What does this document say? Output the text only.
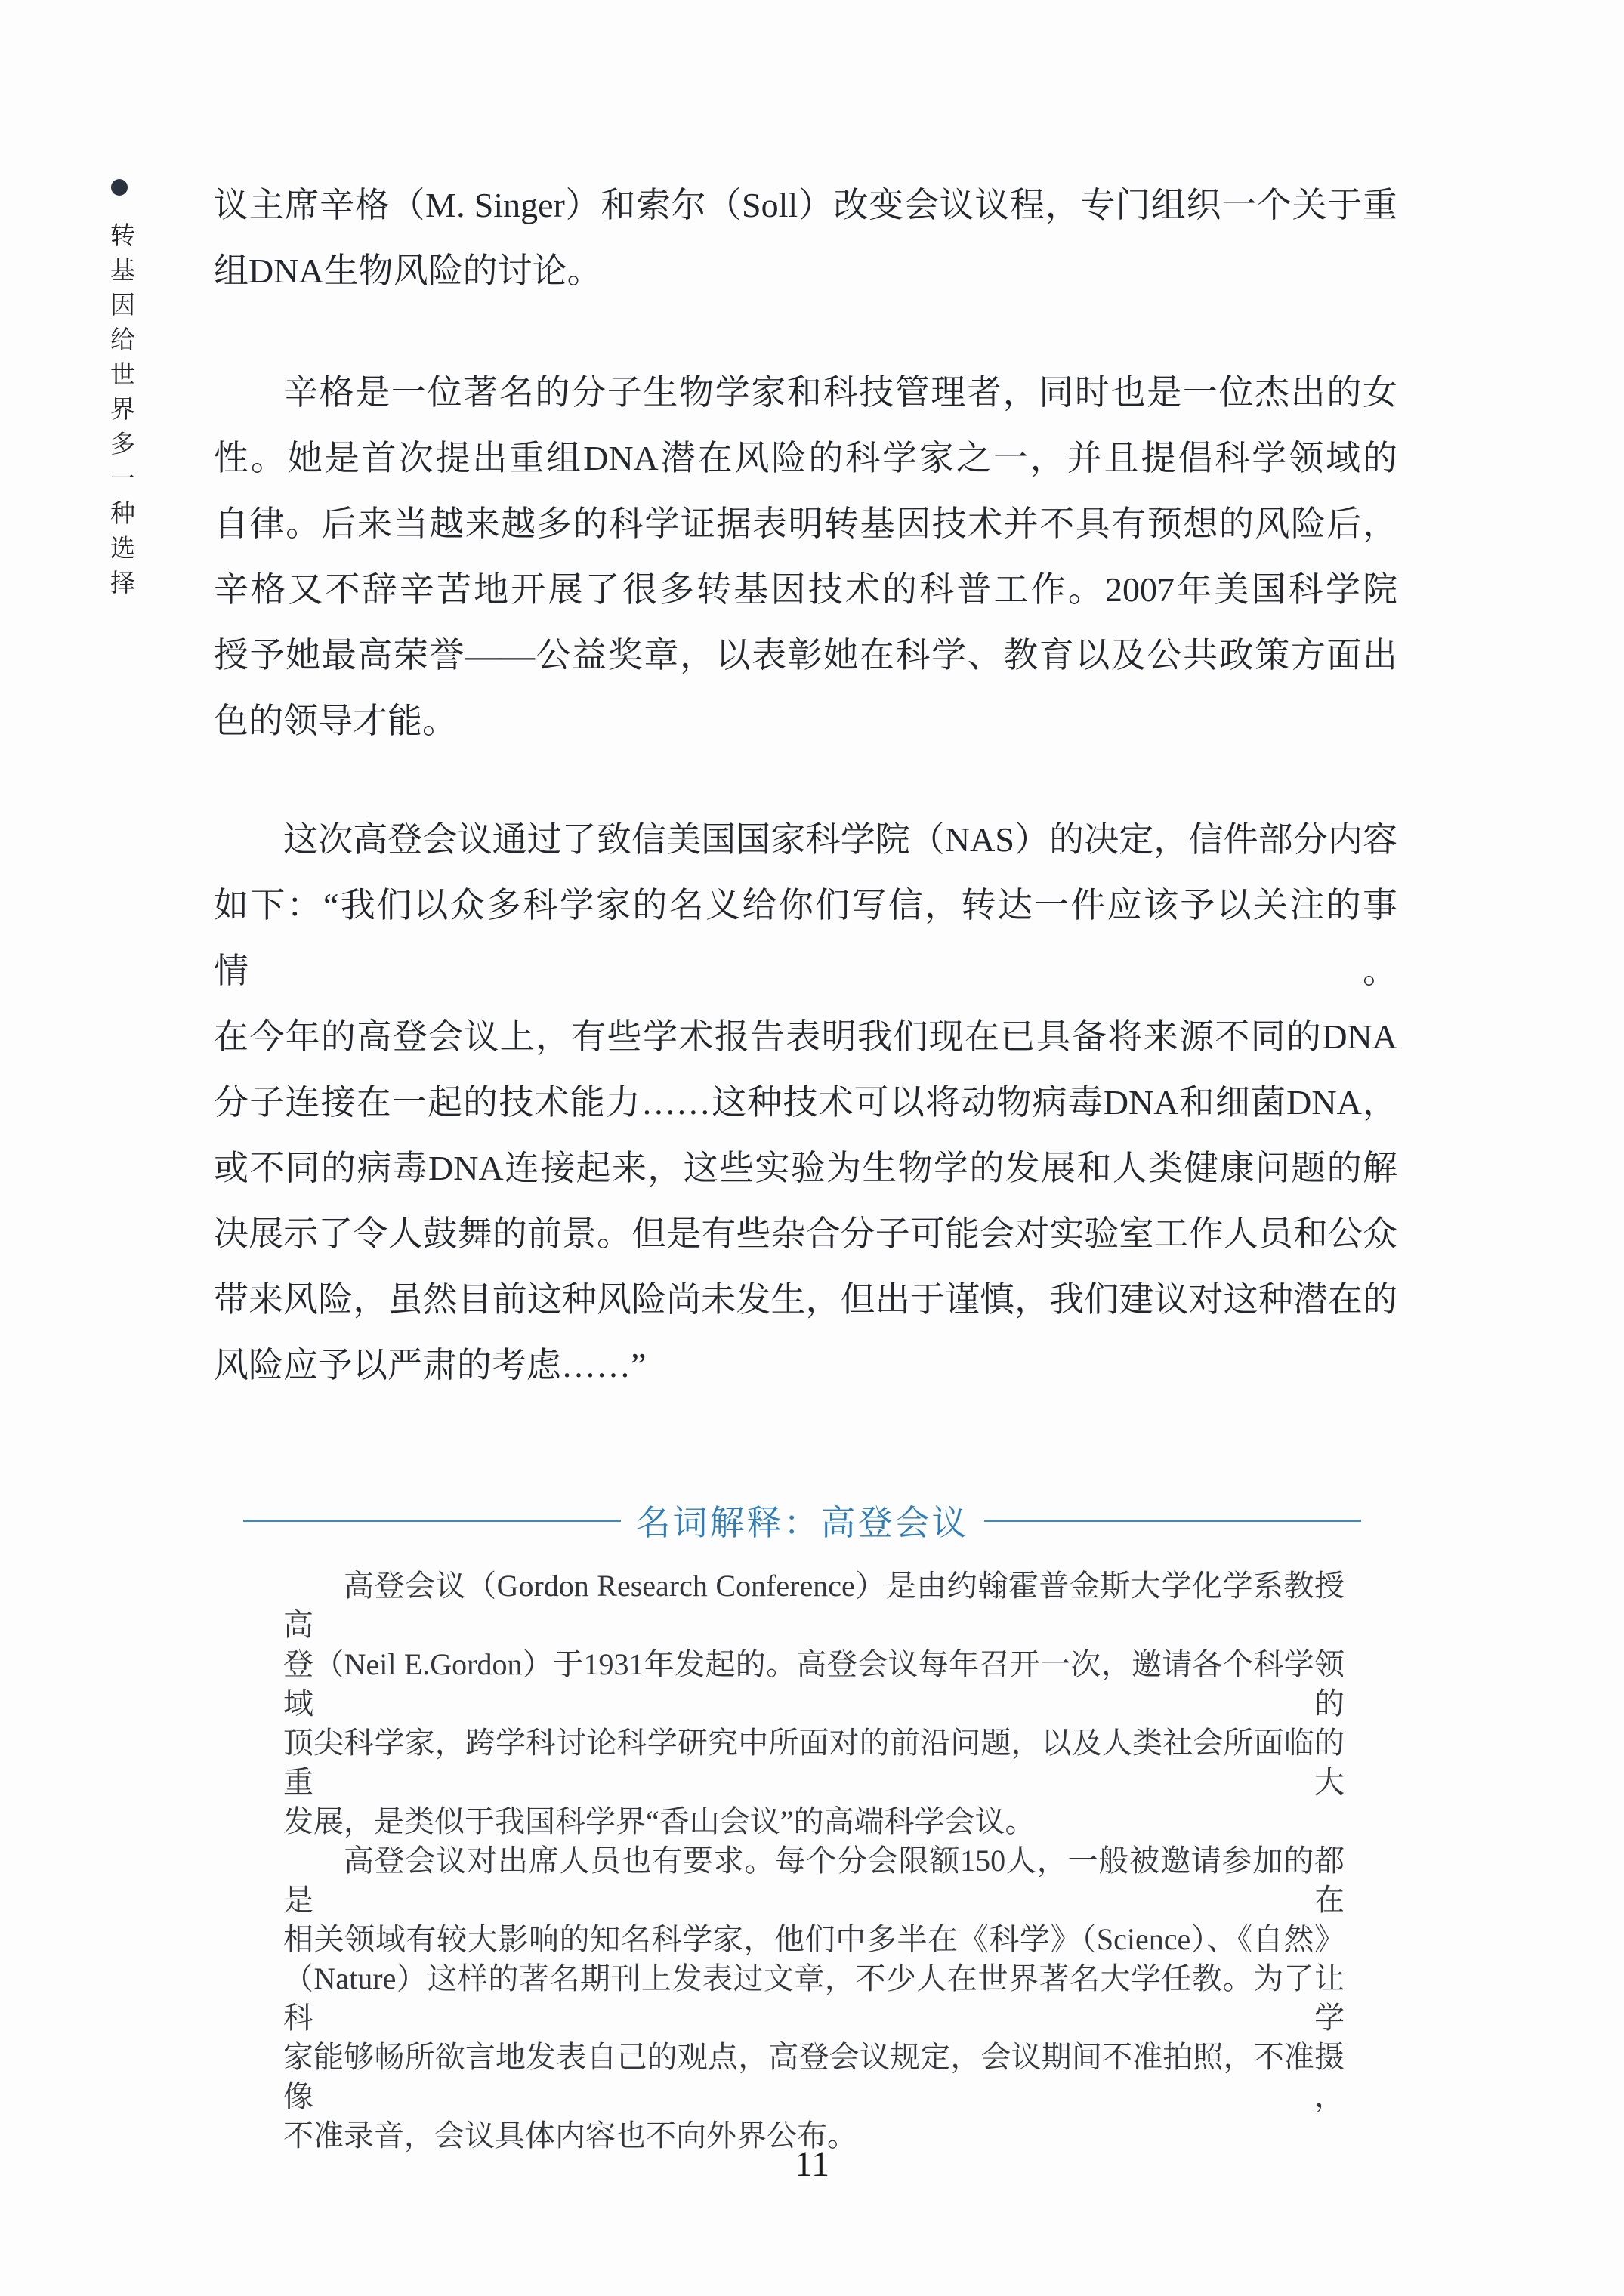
转基因给世界多一种选择
议主席辛格（M. Singer）和索尔（Soll）改变会议议程，专门组织一个关于重
组DNA生物风险的讨论。
辛格是一位著名的分子生物学家和科技管理者，同时也是一位杰出的女
性。她是首次提出重组DNA潜在风险的科学家之一，并且提倡科学领域的
自律。后来当越来越多的科学证据表明转基因技术并不具有预想的风险后，
辛格又不辞辛苦地开展了很多转基因技术的科普工作。2007年美国科学院
授予她最高荣誉——公益奖章，以表彰她在科学、教育以及公共政策方面出
色的领导才能。
这次高登会议通过了致信美国国家科学院（NAS）的决定，信件部分内容
如下：“我们以众多科学家的名义给你们写信，转达一件应该予以关注的事情。
在今年的高登会议上，有些学术报告表明我们现在已具备将来源不同的DNA
分子连接在一起的技术能力……这种技术可以将动物病毒DNA和细菌DNA，
或不同的病毒DNA连接起来，这些实验为生物学的发展和人类健康问题的解
决展示了令人鼓舞的前景。但是有些杂合分子可能会对实验室工作人员和公众
带来风险，虽然目前这种风险尚未发生，但出于谨慎，我们建议对这种潜在的
风险应予以严肃的考虑……”
名词解释：高登会议
高登会议（Gordon Research Conference）是由约翰霍普金斯大学化学系教授高
登（Neil E.Gordon）于1931年发起的。高登会议每年召开一次，邀请各个科学领域的
顶尖科学家，跨学科讨论科学研究中所面对的前沿问题，以及人类社会所面临的重大
发展，是类似于我国科学界“香山会议”的高端科学会议。
高登会议对出席人员也有要求。每个分会限额150人，一般被邀请参加的都是在
相关领域有较大影响的知名科学家，他们中多半在《科学》（Science）、《自然》
（Nature）这样的著名期刊上发表过文章，不少人在世界著名大学任教。为了让科学
家能够畅所欲言地发表自己的观点，高登会议规定，会议期间不准拍照，不准摄像，
不准录音，会议具体内容也不向外界公布。
11
